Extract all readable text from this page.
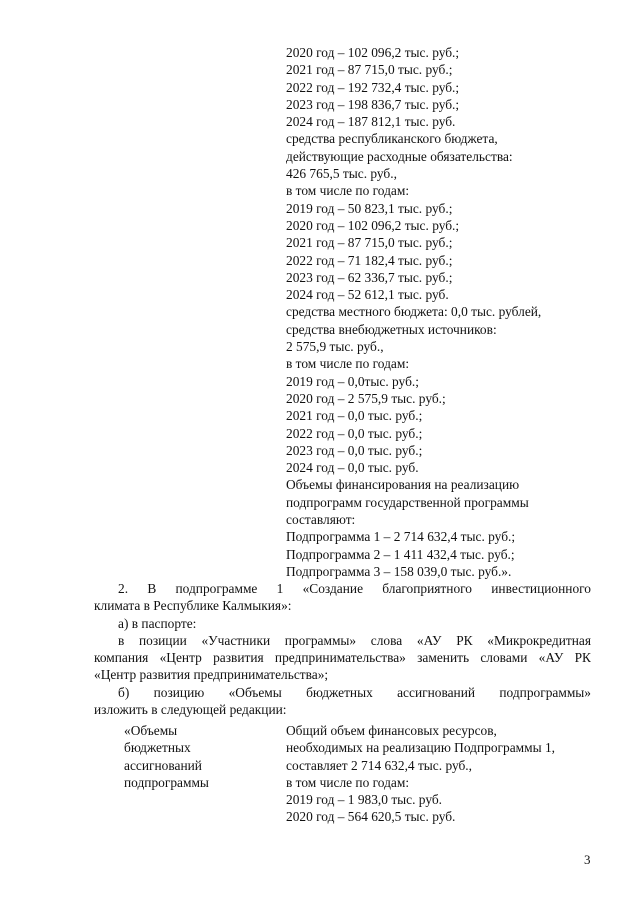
2020 год – 102 096,2 тыс. руб.;
2021 год – 87 715,0 тыс. руб.;
2022 год – 192 732,4 тыс. руб.;
2023 год – 198 836,7 тыс. руб.;
2024 год – 187 812,1 тыс. руб.
средства республиканского бюджета,
действующие расходные обязательства:
426 765,5 тыс. руб.,
в том числе по годам:
2019 год – 50 823,1 тыс. руб.;
2020 год – 102 096,2 тыс. руб.;
2021 год – 87 715,0 тыс. руб.;
2022 год – 71 182,4 тыс. руб.;
2023 год – 62 336,7 тыс. руб.;
2024 год – 52 612,1 тыс. руб.
средства местного бюджета: 0,0 тыс. рублей,
средства внебюджетных источников:
2 575,9 тыс. руб.,
в том числе по годам:
2019 год – 0,0тыс. руб.;
2020 год – 2 575,9 тыс. руб.;
2021 год – 0,0 тыс. руб.;
2022 год – 0,0 тыс. руб.;
2023 год – 0,0 тыс. руб.;
2024 год – 0,0 тыс. руб.
Объемы финансирования на реализацию
подпрограмм государственной программы
составляют:
Подпрограмма 1 – 2 714 632,4 тыс. руб.;
Подпрограмма 2 – 1 411 432,4 тыс. руб.;
Подпрограмма 3 – 158 039,0 тыс. руб.».
2. В подпрограмме 1 «Создание благоприятного инвестиционного
климата в Республике Калмыкия»:
а) в паспорте:
в позиции «Участники программы» слова «АУ РК «Микрокредитная
компания «Центр развития предпринимательства» заменить словами «АУ РК
«Центр развития предпринимательства»;
б) позицию «Объемы бюджетных ассигнований подпрограммы»
изложить в следующей редакции:
«Объемы
бюджетных
ассигнований
подпрограммы
Общий объем финансовых ресурсов,
необходимых на реализацию Подпрограммы 1,
составляет 2 714 632,4 тыс. руб.,
в том числе по годам:
2019 год – 1 983,0 тыс. руб.
2020 год – 564 620,5 тыс. руб.
3
